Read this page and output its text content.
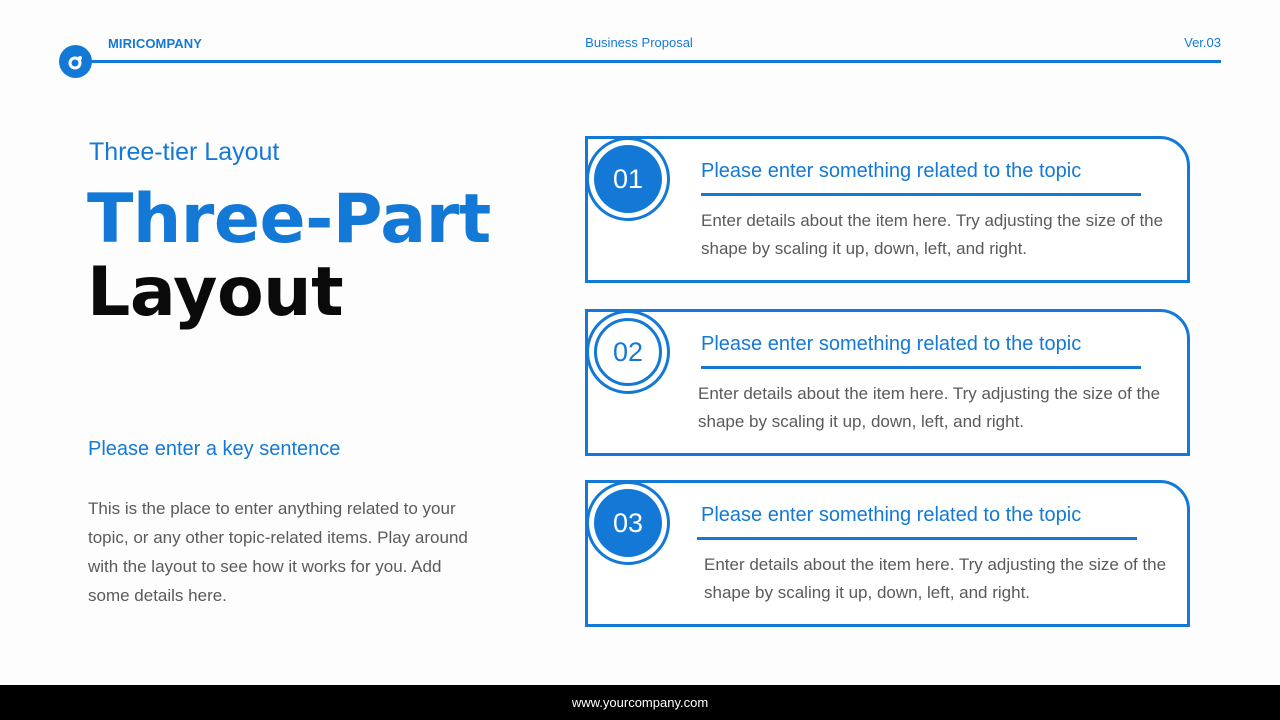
MIRICOMPANY	Business Proposal	Ver.03
Three-tier Layout
Three-Part
Layout
Please enter a key sentence
This is the place to enter anything related to your topic, or any other topic-related items. Play around with the layout to see how it works for you. Add some details here.
01	Please enter something related to the topic
Enter details about the item here. Try adjusting the size of the shape by scaling it up, down, left, and right.
02	Please enter something related to the topic
Enter details about the item here. Try adjusting the size of the shape by scaling it up, down, left, and right.
03	Please enter something related to the topic
Enter details about the item here. Try adjusting the size of the shape by scaling it up, down, left, and right.
www.yourcompany.com
